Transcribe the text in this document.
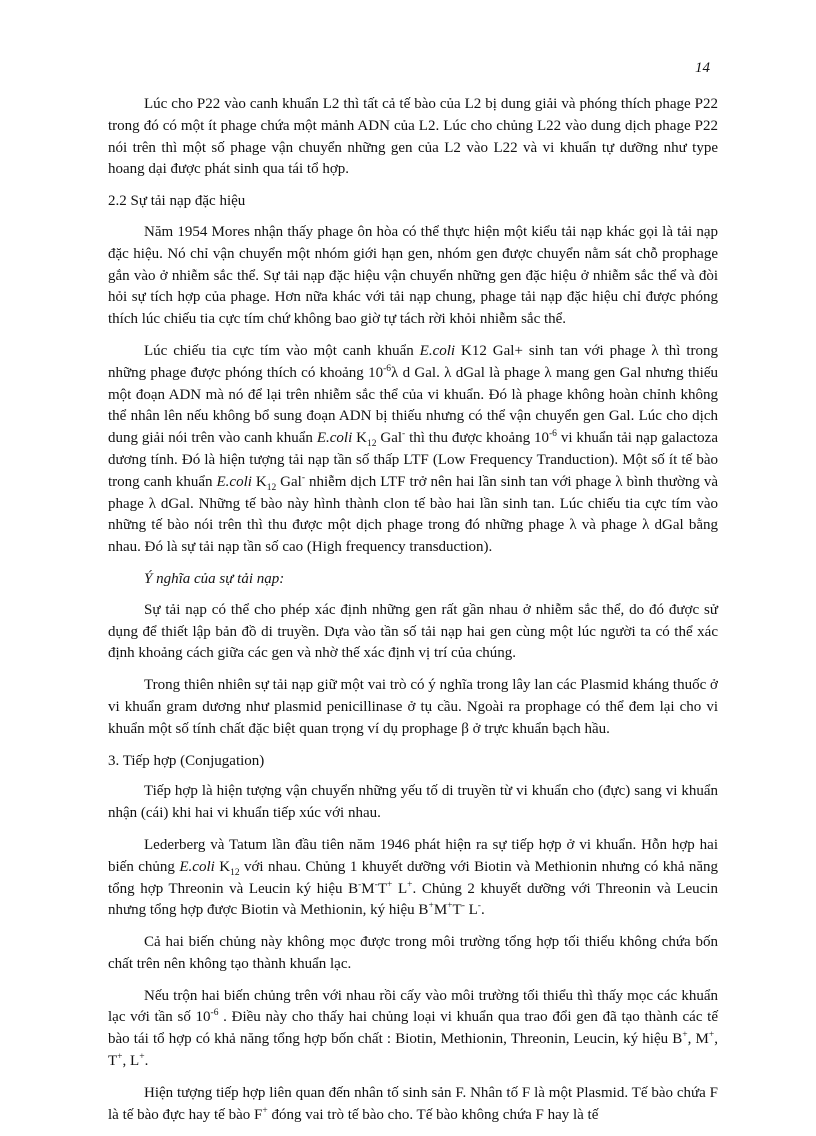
14

Lúc cho P22 vào canh khuẩn L2 thì tất cả tế bào của L2 bị dung giải và phóng thích phage P22 trong đó có một ít phage chứa một mảnh ADN của L2. Lúc cho chủng L22 vào dung dịch phage P22 nói trên thì một số phage vận chuyển những gen của L2 vào L22 và vi khuẩn tự dưỡng như type hoang dại được phát sinh qua tái tổ hợp.

2.2 Sự tải nạp đặc hiệu

Năm 1954 Mores nhận thấy phage ôn hòa có thể thực hiện một kiểu tải nạp khác gọi là tải nạp đặc hiệu. Nó chỉ vận chuyển một nhóm giới hạn gen, nhóm gen được chuyển nằm sát chỗ prophage gắn vào ở nhiễm sắc thể. Sự tải nạp đặc hiệu vận chuyển những gen đặc hiệu ở nhiễm sắc thể và đòi hỏi sự tích hợp của phage. Hơn nữa khác với tải nạp chung, phage tải nạp đặc hiệu chỉ được phóng thích lúc chiếu tia cực tím chứ không bao giờ tự tách rời khỏi nhiễm sắc thể.

Lúc chiếu tia cực tím vào một canh khuẩn E.coli K12 Gal+ sinh tan với phage λ thì trong những phage được phóng thích có khoảng $10^{-6}\lambda$ d Gal. λ dGal là phage λ mang gen Gal nhưng thiếu một đoạn ADN mà nó để lại trên nhiễm sắc thể của vi khuẩn. Đó là phage không hoàn chỉnh không thể nhân lên nếu không bổ sung đoạn ADN bị thiếu nhưng có thể vận chuyển gen Gal. Lúc cho dịch dung giải nói trên vào canh khuẩn E.coli $K_{12}$ Gal- thì thu được khoảng $10^{-6}$ vi khuẩn tải nạp galactoza dương tính. Đó là hiện tượng tải nạp tần số thấp LTF (Low Frequency Tranduction). Một số ít tế bào trong canh khuẩn E.coli $K_{12}$ Gal- nhiễm dịch LTF trở nên hai lần sinh tan với phage λ bình thường và phage λ dGal. Những tế bào này hình thành clon tế bào hai lần sinh tan. Lúc chiếu tia cực tím vào những tế bào nói trên thì thu được một dịch phage trong đó những phage λ và phage λ dGal bằng nhau. Đó là sự tải nạp tần số cao (High frequency transduction).

Ý nghĩa của sự tải nạp:

Sự tải nạp có thể cho phép xác định những gen rất gần nhau ở nhiễm sắc thể, do đó được sử dụng để thiết lập bản đồ di truyền. Dựa vào tần số tải nạp hai gen cùng một lúc người ta có thể xác định khoảng cách giữa các gen và nhờ thế xác định vị trí của chúng.

Trong thiên nhiên sự tải nạp giữ một vai trò có ý nghĩa trong lây lan các Plasmid kháng thuốc ở vi khuẩn gram dương như plasmid penicillinase ở tụ cầu. Ngoài ra prophage có thể đem lại cho vi khuẩn một số tính chất đặc biệt quan trọng ví dụ prophage β ở trực khuẩn bạch hầu.

3. Tiếp hợp (Conjugation)

Tiếp hợp là hiện tượng vận chuyển những yếu tố di truyền từ vi khuẩn cho (đực) sang vi khuẩn nhận (cái) khi hai vi khuẩn tiếp xúc với nhau.

Lederberg và Tatum lần đầu tiên năm 1946 phát hiện ra sự tiếp hợp ở vi khuẩn. Hỗn hợp hai biến chủng E.coli $K_{12}$ với nhau. Chủng 1 khuyết dưỡng với Biotin và Methionin nhưng có khả năng tổng hợp Threonin và Leucin ký hiệu B-M-T+ L+. Chủng 2 khuyết dưỡng với Threonin và Leucin nhưng tổng hợp được Biotin và Methionin, ký hiệu B+M+T- L-.

Cả hai biến chủng này không mọc được trong môi trường tổng hợp tối thiểu không chứa bốn chất trên nên không tạo thành khuẩn lạc.

Nếu trộn hai biến chủng trên với nhau rồi cấy vào môi trường tối thiểu thì thấy mọc các khuẩn lạc với tần số $10^{-6}$ . Điều này cho thấy hai chủng loại vi khuẩn qua trao đổi gen đã tạo thành các tế bào tái tổ hợp có khả năng tổng hợp bốn chất : Biotin, Methionin, Threonin, Leucin, ký hiệu B+, M+, T+, L+.

Hiện tượng tiếp hợp liên quan đến nhân tố sinh sản F. Nhân tố F là một Plasmid. Tế bào chứa F là tế bào đực hay tế bào F+ đóng vai trò tế bào cho. Tế bào không chứa F hay là tế
